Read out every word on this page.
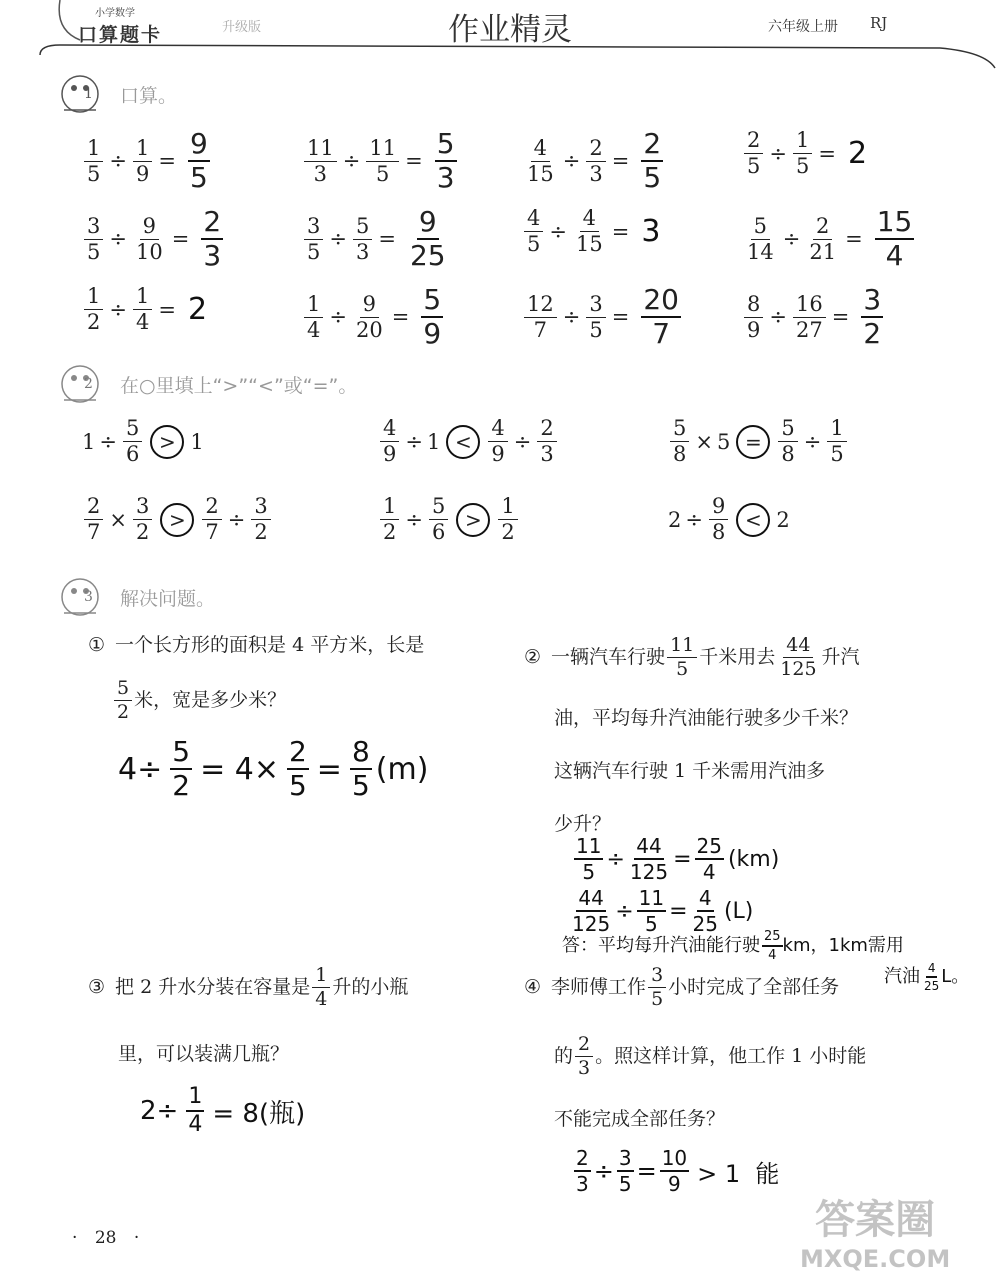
小学数学
口算题卡	升级版	作业精灵	六年级上册 RJ
1 口算。
$\frac{1}{5} \div \frac{1}{9} = \frac{9}{5}$	$\frac{11}{3} \div \frac{11}{5} = \frac{5}{3}$	$\frac{4}{15} \div \frac{2}{3} = \frac{2}{5}$	$\frac{2}{5} \div \frac{1}{5} = 2$
$\frac{3}{5} \div \frac{9}{10} = \frac{2}{3}$	$\frac{3}{5} \div \frac{5}{3} = \frac{9}{25}$	$\frac{4}{5} \div \frac{4}{15} = 3$	$\frac{5}{14} \div \frac{2}{21} = \frac{15}{4}$
$\frac{1}{2} \div \frac{1}{4} = 2$	$\frac{1}{4} \div \frac{9}{20} = \frac{5}{9}$	$\frac{12}{7} \div \frac{3}{5} = \frac{20}{7}$	$\frac{8}{9} \div \frac{16}{27} = \frac{3}{2}$
2 在○里填上“>”“<”或“=”。
$1 \div \frac{5}{6} > 1$	$\frac{4}{9} \div 1 < \frac{4}{9} \div \frac{2}{3}$	$\frac{5}{8} \times 5 = \frac{5}{8} \div \frac{1}{5}$
$\frac{2}{7} \times \frac{3}{2} > \frac{2}{7} \div \frac{3}{2}$	$\frac{1}{2} \div \frac{5}{6} > \frac{1}{2}$	$2 \div \frac{9}{8} < 2$
3 解决问题。
① 一个长方形的面积是 4 平方米，长是
$\frac{5}{2}$ 米，宽是多少米？
$4\div \frac{5}{2} = 4\times \frac{2}{5} = \frac{8}{5} (m)$
② 一辆汽车行驶 $\frac{11}{5}$ 千米用去 $\frac{44}{125}$ 升汽
油，平均每升汽油能行驶多少千米？
这辆汽车行驶 1 千米需用汽油多
少升？
$\frac{11}{5} \div \frac{44}{125} = \frac{25}{4} (km)$
$\frac{44}{125} \div \frac{11}{5} = \frac{4}{25} (L)$
答：平均每升汽油能行驶 $\frac{25}{4}$ km，1km需用
汽油 $\frac{4}{25}$ L。
③ 把 2 升水分装在容量是 $\frac{1}{4}$ 升的小瓶
里，可以装满几瓶？
$2\div \frac{1}{4} = 8$(瓶)
④ 李师傅工作 $\frac{3}{5}$ 小时完成了全部任务
的 $\frac{2}{3}$ 。照这样计算，他工作 1 小时能
不能完成全部任务？
$\frac{2}{3} \div \frac{3}{5} = \frac{10}{9} > 1$  能
· 28 ·	答案圈
MXQE.COM
